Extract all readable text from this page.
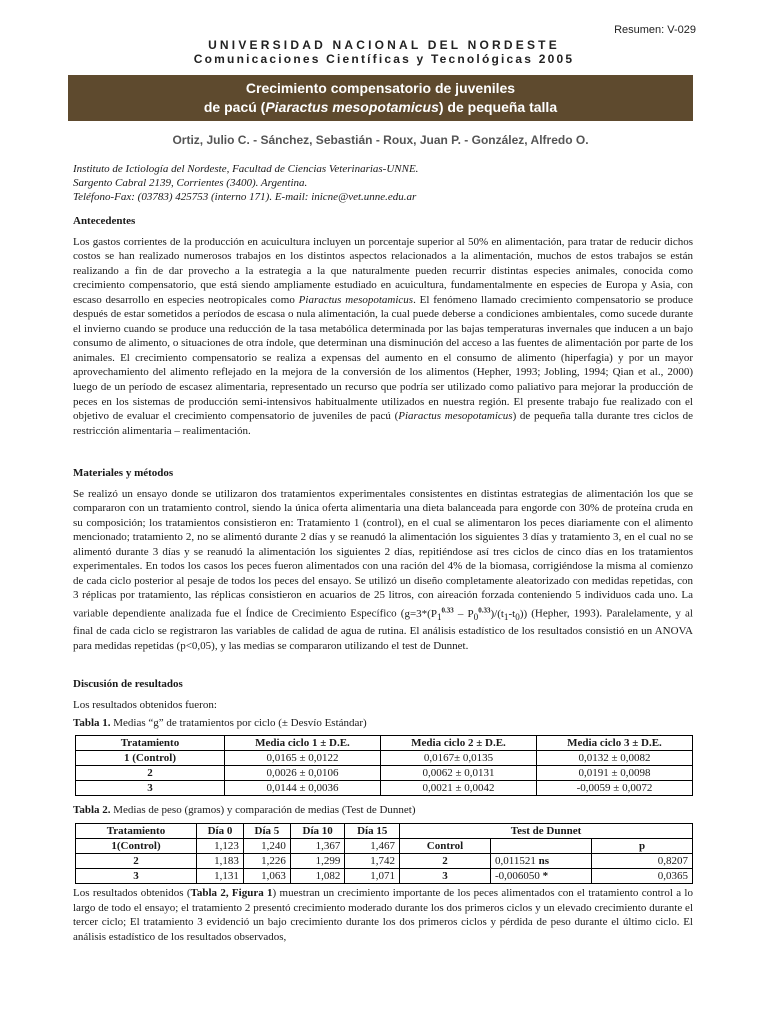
Resumen: V-029
UNIVERSIDAD NACIONAL DEL NORDESTE
Comunicaciones Científicas y Tecnológicas 2005
Crecimiento compensatorio de juveniles
de pacú (Piaractus mesopotamicus) de pequeña talla
Ortiz, Julio C. - Sánchez, Sebastián - Roux, Juan P. - González, Alfredo O.
Instituto de Ictiología del Nordeste, Facultad de Ciencias Veterinarias-UNNE.
Sargento Cabral 2139, Corrientes (3400). Argentina.
Teléfono-Fax: (03783) 425753 (interno 171). E-mail: inicne@vet.unne.edu.ar
Antecedentes
Los gastos corrientes de la producción en acuicultura incluyen un porcentaje superior al 50% en alimentación, para tratar de reducir dichos costos se han realizado numerosos trabajos en los distintos aspectos relacionados a la alimentación, muchos de estos trabajos se están realizando a fin de dar provecho a la estrategia a la que naturalmente pueden recurrir distintas especies animales, conocida como crecimiento compensatorio, que está siendo ampliamente estudiado en acuicultura, fundamentalmente en especies de Europa y Asia, con escaso desarrollo en especies neotropicales como Piaractus mesopotamicus. El fenómeno llamado crecimiento compensatorio se produce después de estar sometidos a períodos de escasa o nula alimentación, la cual puede deberse a condiciones ambientales, como sucede durante el invierno cuando se produce una reducción de la tasa metabólica determinada por las bajas temperaturas invernales que inducen a un bajo consumo de alimento, o situaciones de otra índole, que determinan una disminución del acceso a las fuentes de alimentación por parte de los animales. El crecimiento compensatorio se realiza a expensas del aumento en el consumo de alimento (hiperfagia) y por un mayor aprovechamiento del alimento reflejado en la mejora de la conversión de los alimentos (Hepher, 1993; Jobling, 1994; Qian et al., 2000) luego de un período de escasez alimentaria, representado un recurso que podría ser utilizado como paliativo para mejorar la producción de peces en los sistemas de producción semi-intensivos habitualmente utilizados en nuestra región. El presente trabajo fue realizado con el objetivo de evaluar el crecimiento compensatorio de juveniles de pacú (Piaractus mesopotamicus) de pequeña talla durante tres ciclos de restricción alimentaria – realimentación.
Materiales y métodos
Se realizó un ensayo donde se utilizaron dos tratamientos experimentales consistentes en distintas estrategias de alimentación los que se compararon con un tratamiento control, siendo la única oferta alimentaria una dieta balanceada para engorde con 30% de proteína cruda en su composición; los tratamientos consistieron en: Tratamiento 1 (control), en el cual se alimentaron los peces diariamente con el alimento mencionado; tratamiento 2, no se alimentó durante 2 días y se reanudó la alimentación los siguientes 3 días y tratamiento 3, en el cual no se alimentó durante 3 días y se reanudó la alimentación los siguientes 2 días, repitiéndose así tres ciclos de cinco días en los tratamientos experimentales. En todos los casos los peces fueron alimentados con una ración del 4% de la biomasa, corrigiéndose la misma al comienzo de cada ciclo posterior al pesaje de todos los peces del ensayo. Se utilizó un diseño completamente aleatorizado con medidas repetidas, con 3 réplicas por tratamiento, las réplicas consistieron en acuarios de 25 litros, con aireación forzada conteniendo 5 individuos cada uno. La variable dependiente analizada fue el Índice de Crecimiento Específico $(g=3*(P_1^{0.33} - P_0^{0.33})/(t_1-t_0))$ (Hepher, 1993). Paralelamente, y al final de cada ciclo se registraron las variables de calidad de agua de rutina. El análisis estadístico de los resultados consistió en un ANOVA para medidas repetidas (p<0,05), y las medias se compararon utilizando el test de Dunnet.
Discusión de resultados
Los resultados obtenidos fueron:
Tabla 1. Medias “g” de tratamientos por ciclo (± Desvío Estándar)
Tratamiento	Media ciclo 1 ± D.E.	Media ciclo 2 ± D.E.	Media ciclo 3 ± D.E.
1 (Control)	0,0165 ± 0,0122	0,0167± 0,0135	0,0132 ± 0,0082
2	0,0026 ± 0,0106	0,0062 ± 0,0131	0,0191 ± 0,0098
3	0,0144 ± 0,0036	0,0021 ± 0,0042	-0,0059 ± 0,0072
Tabla 2. Medias de peso (gramos) y comparación de medias (Test de Dunnet)
Tratamiento	Día 0	Día 5	Día 10	Día 15	Test de Dunnet		
1(Control)	1,123	1,240	1,367	1,467	Control		p
2	1,183	1,226	1,299	1,742	2	0,011521 ns	0,8207
3	1,131	1,063	1,082	1,071	3	-0,006050 *	0,0365
Los resultados obtenidos (Tabla 2, Figura 1) muestran un crecimiento importante de los peces alimentados con el tratamiento control a lo largo de todo el ensayo; el tratamiento 2 presentó crecimiento moderado durante los dos primeros ciclos y un elevado crecimiento durante el tercer ciclo; El tratamiento 3 evidenció un bajo crecimiento durante los dos primeros ciclos y pérdida de peso durante el último ciclo. El análisis estadístico de los resultados observados,
